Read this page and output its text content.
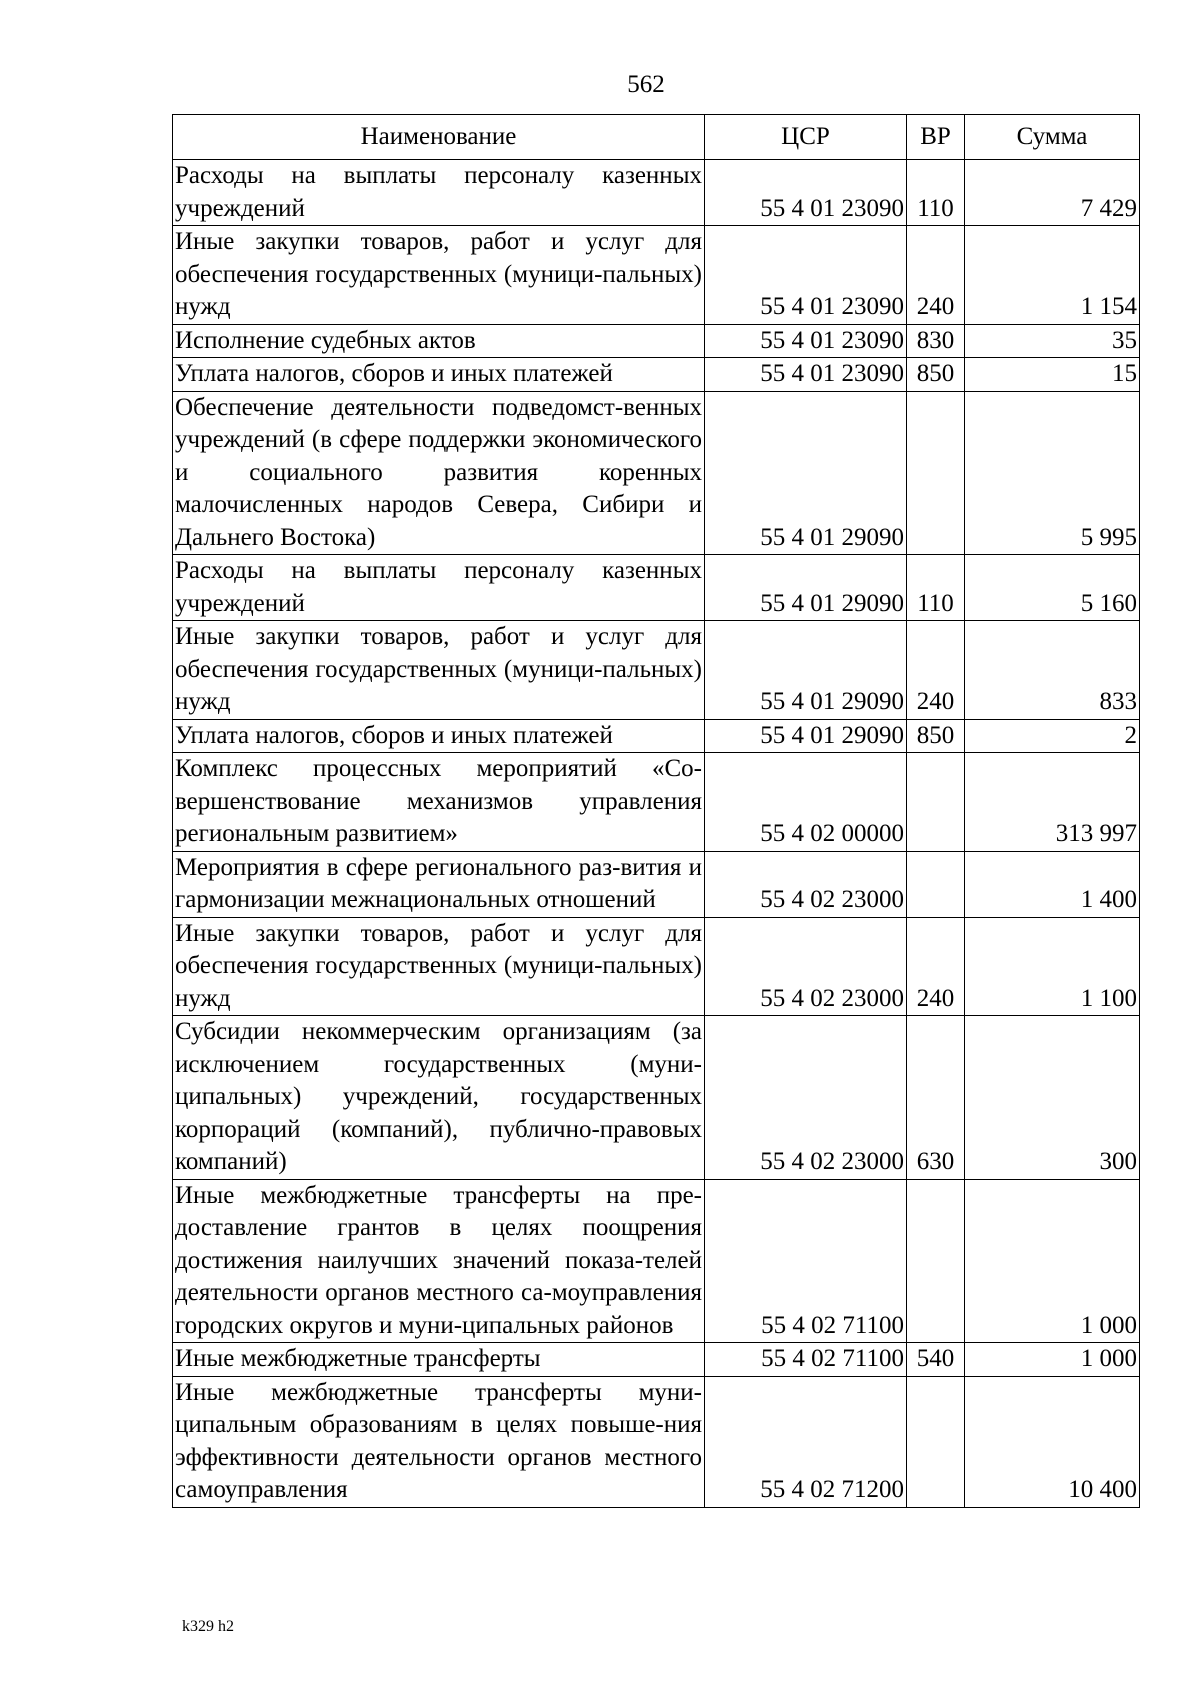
562
Наименование	ЦСР	ВР	Сумма
Расходы на выплаты персоналу казенных учреждений	55 4 01 23090	110	7 429
Иные закупки товаров, работ и услуг для обеспечения государственных (муници-пальных) нужд	55 4 01 23090	240	1 154
Исполнение судебных актов	55 4 01 23090	830	35
Уплата налогов, сборов и иных платежей	55 4 01 23090	850	15
Обеспечение деятельности подведомст-венных учреждений (в сфере поддержки экономического и социального развития коренных малочисленных народов Севера, Сибири и Дальнего Востока)	55 4 01 29090		5 995
Расходы на выплаты персоналу казенных учреждений	55 4 01 29090	110	5 160
Иные закупки товаров, работ и услуг для обеспечения государственных (муници-пальных) нужд	55 4 01 29090	240	833
Уплата налогов, сборов и иных платежей	55 4 01 29090	850	2
Комплекс процессных мероприятий «Со-вершенствование механизмов управления региональным развитием»	55 4 02 00000		313 997
Мероприятия в сфере регионального раз-вития и гармонизации межнациональных отношений	55 4 02 23000		1 400
Иные закупки товаров, работ и услуг для обеспечения государственных (муници-пальных) нужд	55 4 02 23000	240	1 100
Субсидии некоммерческим организациям (за исключением государственных (муни-ципальных) учреждений, государственных корпораций (компаний), публично-правовых компаний)	55 4 02 23000	630	300
Иные межбюджетные трансферты на пре-доставление грантов в целях поощрения достижения наилучших значений показа-телей деятельности органов местного са-моуправления городских округов и муни-ципальных районов	55 4 02 71100		1 000
Иные межбюджетные трансферты	55 4 02 71100	540	1 000
Иные межбюджетные трансферты муни-ципальным образованиям в целях повыше-ния эффективности деятельности органов местного самоуправления	55 4 02 71200		10 400
k329 h2
